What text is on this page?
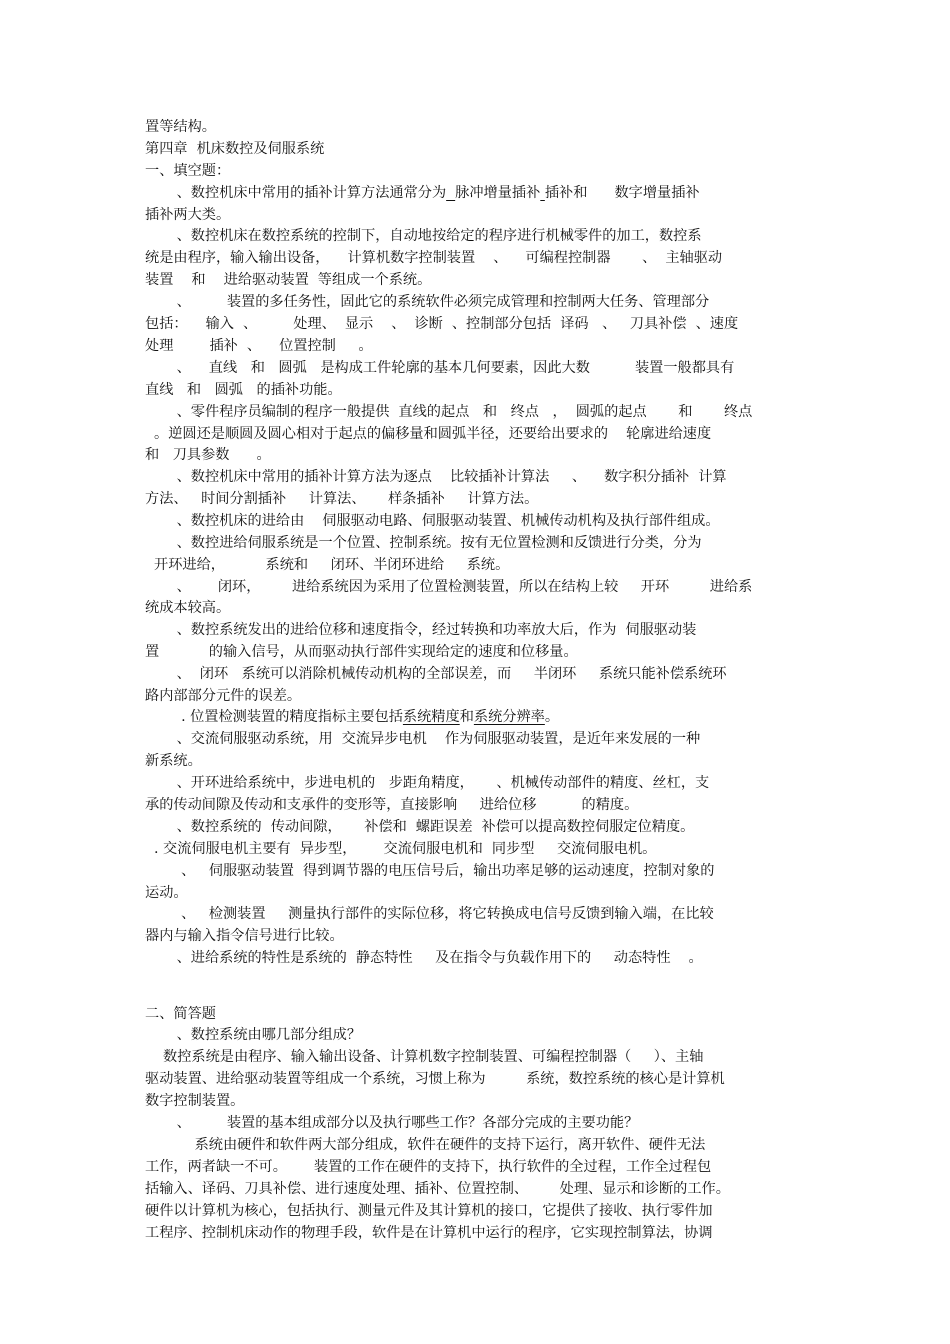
置等结构。
第四章  机床数控及伺服系统
一、填空题：
、数控机床中常用的插补计算方法通常分为 脉冲增量插补 插补和      数字增量插补
插补两大类。
、数控机床在数控系统的控制下，自动地按给定的程序进行机械零件的加工，数控系
统是由程序，输入输出设备，    计算机数字控制装置    、    可编程控制器       、  主轴驱动
装置    和    进给驱动装置  等组成一个系统。
、        装置的多任务性，固此它的系统软件必须完成管理和控制两大任务、管理部分
包括：    输入  、        处理、  显示    、  诊断  、控制部分包括  译码   、   刀具补偿  、速度
处理        插补  、    位置控制     。
、    直线   和   圆弧   是构成工件轮廓的基本几何要素，因此大数          装置一般都具有
直线   和   圆弧   的插补功能。
、零件程序员编制的程序一般提供  直线的起点   和   终点   ，  圆弧的起点       和       终点
。逆圆还是顺圆及圆心相对于起点的偏移量和圆弧半径，还要给出要求的    轮廓进给速度
和   刀具参数      。
、数控机床中常用的插补计算方法为逐点    比较插补计算法     、    数字积分插补  计算
方法、   时间分割插补     计算法、     样条插补     计算方法。
、数控机床的进给由    伺服驱动电路、伺服驱动装置、机械传动机构及执行部件组成。
、数控进给伺服系统是一个位置、控制系统。按有无位置检测和反馈进行分类，分为
开环进给，         系统和     闭环、半闭环进给     系统。
、      闭环，       进给系统因为采用了位置检测装置，所以在结构上较     开环         进给系
统成本较高。
、数控系统发出的进给位移和速度指令，经过转换和功率放大后，作为  伺服驱动装
置           的输入信号，从而驱动执行部件实现给定的速度和位移量。
、  闭环   系统可以消除机械传动机构的全部误差，而     半闭环     系统只能补偿系统环
路内部部分元件的误差。
. 位置检测装置的精度指标主要包括系统精度和系统分辨率。
、交流伺服驱动系统，用  交流异步电机    作为伺服驱动装置，是近年来发展的一种
新系统。
、开环进给系统中，步进电机的   步距角精度，     、机械传动部件的精度、丝杠，支
承的传动间隙及传动和支承件的变形等，直接影响     进给位移          的精度。
、数控系统的  传动间隙，     补偿和  螺距误差  补偿可以提高数控伺服定位精度。
. 交流伺服电机主要有  异步型，      交流伺服电机和  同步型     交流伺服电机。
、   伺服驱动装置  得到调节器的电压信号后，输出功率足够的运动速度，控制对象的
运动。
、   检测装置     测量执行部件的实际位移，将它转换成电信号反馈到输入端，在比较
器内与输入指令信号进行比较。
、进给系统的特性是系统的  静态特性     及在指令与负载作用下的     动态特性    。
二、简答题
、数控系统由哪几部分组成？
数控系统是由程序、输入输出设备、计算机数字控制装置、可编程控制器（     ）、主轴
驱动装置、进给驱动装置等组成一个系统，习惯上称为         系统，数控系统的核心是计算机
数字控制装置。
、        装置的基本组成部分以及执行哪些工作？各部分完成的主要功能？
系统由硬件和软件两大部分组成，软件在硬件的支持下运行，离开软件、硬件无法
工作，两者缺一不可。      装置的工作在硬件的支持下，执行软件的全过程，工作全过程包
括输入、译码、刀具补偿、进行速度处理、插补、位置控制、       处理、显示和诊断的工作。
硬件以计算机为核心，包括执行、测量元件及其计算机的接口，它提供了接收、执行零件加
工程序、控制机床动作的物理手段，软件是在计算机中运行的程序，它实现控制算法，协调
